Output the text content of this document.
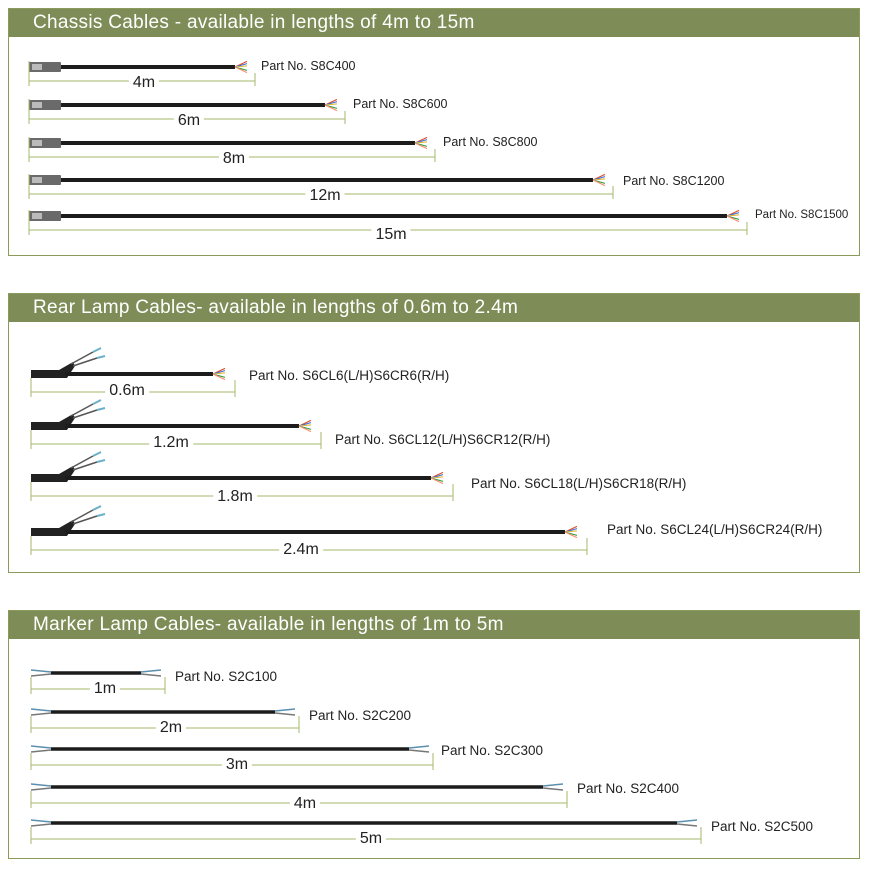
Chassis Cables - available in lengths of 4m to 15m
Part No. S8C400
4m
Part No. S8C600
6m
Part No. S8C800
8m
Part No. S8C1200
12m
Part No. S8C1500
15m
Rear Lamp Cables- available in lengths of 0.6m to 2.4m
Part No. S6CL6(L/H)S6CR6(R/H)
0.6m
Part No. S6CL12(L/H)S6CR12(R/H)
1.2m
Part No. S6CL18(L/H)S6CR18(R/H)
1.8m
Part No. S6CL24(L/H)S6CR24(R/H)
2.4m
Marker Lamp Cables- available in lengths of 1m to 5m
Part No. S2C100
1m
Part No. S2C200
2m
Part No. S2C300
3m
Part No. S2C400
4m
Part No. S2C500
5m
